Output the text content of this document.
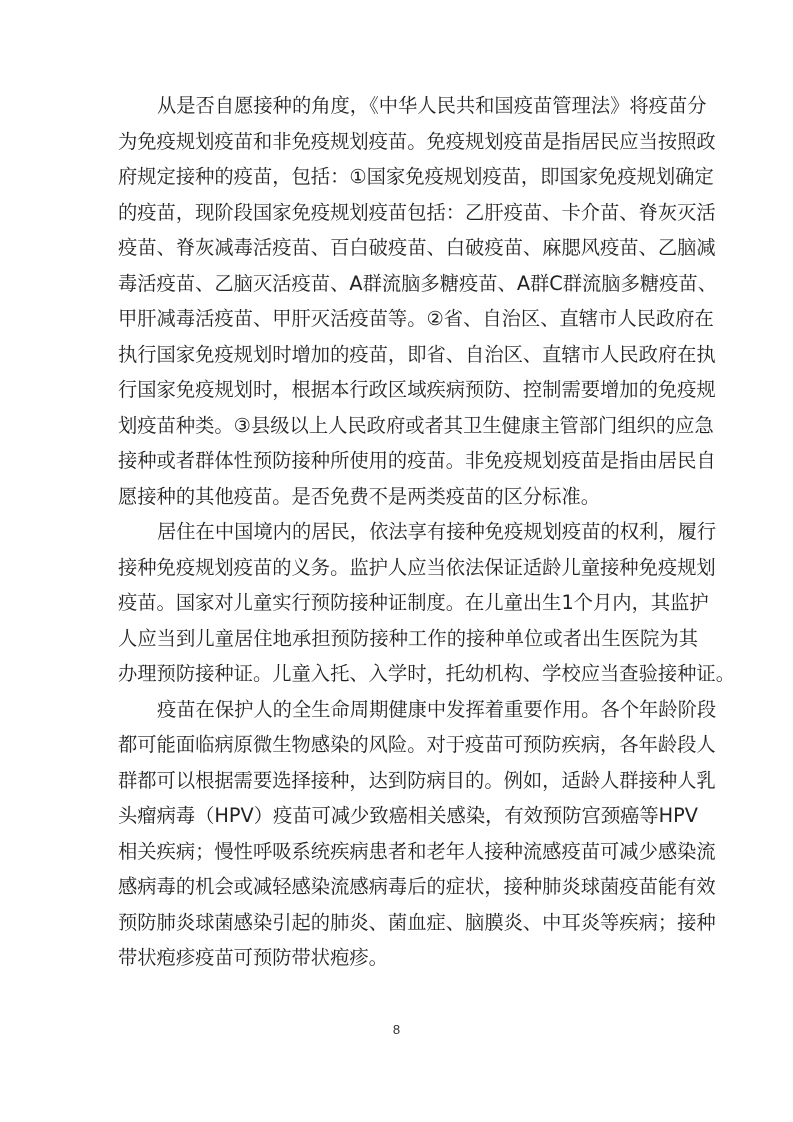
从是否自愿接种的角度，《中华人民共和国疫苗管理法》将疫苗分
为免疫规划疫苗和非免疫规划疫苗。免疫规划疫苗是指居民应当按照政
府规定接种的疫苗，包括：①国家免疫规划疫苗，即国家免疫规划确定
的疫苗，现阶段国家免疫规划疫苗包括：乙肝疫苗、卡介苗、脊灰灭活
疫苗、脊灰减毒活疫苗、百白破疫苗、白破疫苗、麻腮风疫苗、乙脑减
毒活疫苗、乙脑灭活疫苗、A群流脑多糖疫苗、A群C群流脑多糖疫苗、
甲肝减毒活疫苗、甲肝灭活疫苗等。②省、自治区、直辖市人民政府在
执行国家免疫规划时增加的疫苗，即省、自治区、直辖市人民政府在执
行国家免疫规划时，根据本行政区域疾病预防、控制需要增加的免疫规
划疫苗种类。③县级以上人民政府或者其卫生健康主管部门组织的应急
接种或者群体性预防接种所使用的疫苗。非免疫规划疫苗是指由居民自
愿接种的其他疫苗。是否免费不是两类疫苗的区分标准。
居住在中国境内的居民，依法享有接种免疫规划疫苗的权利，履行
接种免疫规划疫苗的义务。监护人应当依法保证适龄儿童接种免疫规划
疫苗。国家对儿童实行预防接种证制度。在儿童出生1个月内，其监护
人应当到儿童居住地承担预防接种工作的接种单位或者出生医院为其
办理预防接种证。儿童入托、入学时，托幼机构、学校应当查验接种证。
疫苗在保护人的全生命周期健康中发挥着重要作用。各个年龄阶段
都可能面临病原微生物感染的风险。对于疫苗可预防疾病，各年龄段人
群都可以根据需要选择接种，达到防病目的。例如，适龄人群接种人乳
头瘤病毒（HPV）疫苗可减少致癌相关感染，有效预防宫颈癌等HPV
相关疾病；慢性呼吸系统疾病患者和老年人接种流感疫苗可减少感染流
感病毒的机会或减轻感染流感病毒后的症状，接种肺炎球菌疫苗能有效
预防肺炎球菌感染引起的肺炎、菌血症、脑膜炎、中耳炎等疾病；接种
带状疱疹疫苗可预防带状疱疹。
8
